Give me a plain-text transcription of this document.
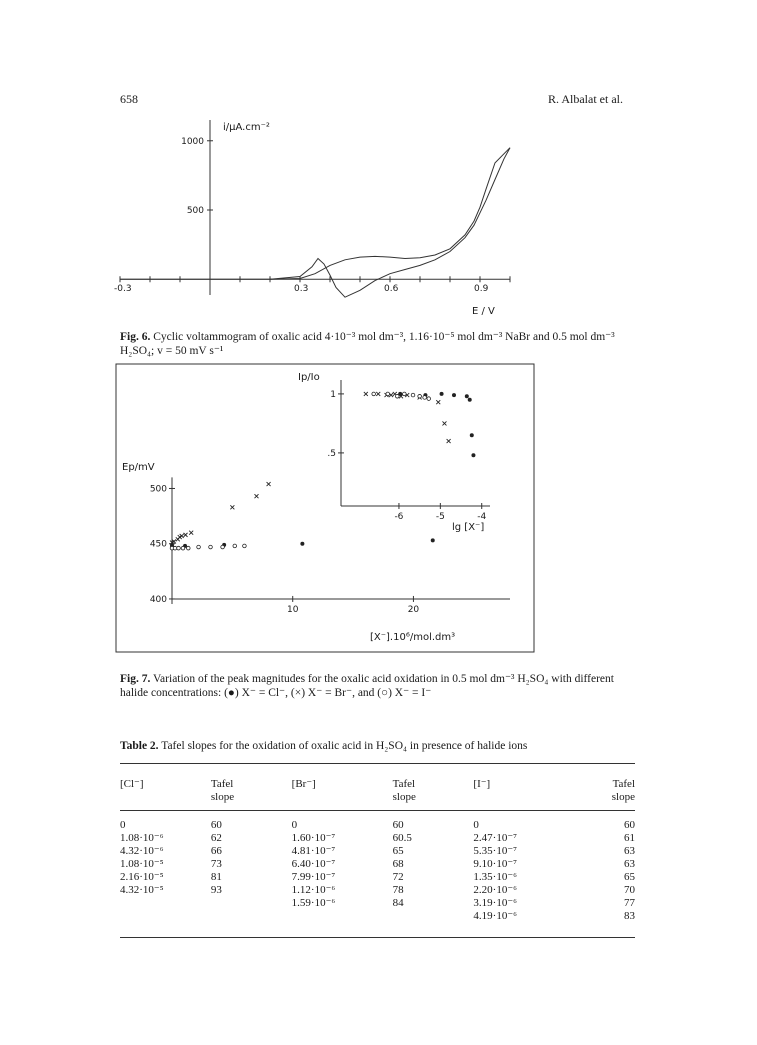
658	R. Albalat et al.
-0.3	0.3	0.6	0.9
500
1000
i/μA.cm⁻²
E / V
Fig. 6. Cyclic voltammogram of oxalic acid 4·10⁻³ mol dm⁻³, 1.16·10⁻⁵ mol dm⁻³ NaBr and 0.5 mol dm⁻³ H₂SO₄; v = 50 mV s⁻¹
400
450
500
10	20
.5
1
-6	-5	-4
Ep/mV
[X⁻].10⁶/mol.dm³
Ip/Io
lg [X⁻]
Fig. 7. Variation of the peak magnitudes for the oxalic acid oxidation in 0.5 mol dm⁻³ H₂SO₄ with different halide concentrations: (●) X⁻ = Cl⁻, (×) X⁻ = Br⁻, and (○) X⁻ = I⁻
Table 2. Tafel slopes for the oxidation of oxalic acid in H₂SO₄ in presence of halide ions
[Cl⁻]	Tafel	[Br⁻]	Tafel	[I⁻]	Tafel
	slope		slope		slope
0	60	0	60	0	60
1.08·10⁻⁶	62	1.60·10⁻⁷	60.5	2.47·10⁻⁷	61
4.32·10⁻⁶	66	4.81·10⁻⁷	65	5.35·10⁻⁷	63
1.08·10⁻⁵	73	6.40·10⁻⁷	68	9.10·10⁻⁷	63
2.16·10⁻⁵	81	7.99·10⁻⁷	72	1.35·10⁻⁶	65
4.32·10⁻⁵	93	1.12·10⁻⁶	78	2.20·10⁻⁶	70
		1.59·10⁻⁶	84	3.19·10⁻⁶	77
				4.19·10⁻⁶	83
